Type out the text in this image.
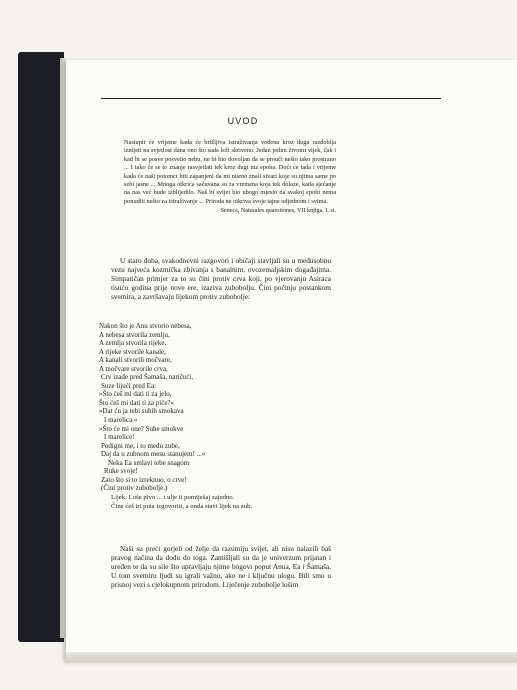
UVOD

Nastupit će vrijeme kada će brižljiva istraživanja vođena kroz duga razdoblja iznijeti na svjetlost dana ono što sada leži skriveno. Jedan jedini životni vijek, čak i kad bi se posve posvetio nebu, ne bi bio dovoljan da se prouči nešto tako prostrano ... I tako će se to znanje rasvjetlati tek kroz dugi niz epoha. Doći će tada i vrijeme kada će naši potomci biti zapanjeni da mi nismo znali stvari koje su njima same po sebi jasne ... Mnoga otkrića sačuvana su za vremena koja tek dolaze, kada sjećanje na nas već bude izblijedilo. Naš bi svijet bio ubogo mjesto da svakoj epohi nema ponuditi nešto za istraživanje ... Priroda ne otkriva svoje tajne odjednom i svima.

Seneca, Naturales quaestiones, VII knjiga, I. st.

U staro doba, svakodnevni razgovori i običaji stavljali su u međusobnu vezu najveća kozmička zbivanja s banalnim, ovozemaljskim događajima. Simpatičan primjer za to su čini protiv crva koji, po vjerovanju Asiraca tisuću godina prije nove ere, izaziva zubobolju. Čini počinju postankom svemira, a završavaju lijekom protiv zubobolje:

Nakon što je Anu stvorio nebesa,
A nebesa stvorila zemlju,
A zemlja stvorila rijeke,
A rijeke stvorile kanale,
A kanali stvorili močvare,
A močvare stvorile crva,
Crv izađe pred Šamaša, naričući,
Suze lijući pred Ea:
»Što ćeš mi dati ti za jelo,
Što ćeš mi dati ti za piće?«
»Dat ću ja tebi suhih smokava
I marelica.«
»Što će mi one? Suhe smokve
I marelice!
Podigni me, i to među zube,
Daj da u zubnom mesu stanujem! ...«
Neka Ea smlavi tebe snagom
Ruke svoje!
Zato što si to izreknuo, o crve!
(Čini protiv zubobolje.)

Lijek: Loše pivo ... i ulje ti pomiješaj zajedno.
Čine ćeš tri puta izgovoriti, a onda stavi lijek na zub.

Naši su preci gorjeli od želje da razumiju svijet, ali nisu nalazili baš pravog načina da dođu do toga. Zamišljali su da je univerzum prijatan i uređen te da su sile što upravljaju njime bogovi poput Anua, Ea i Šamaša. U tom svemiru ljudi su igrali važnu, ako ne i ključnu ulogu. Bili smo u prisnoj vezi s cjelokupnom prirodom. Liječenje zubobolje lošim
